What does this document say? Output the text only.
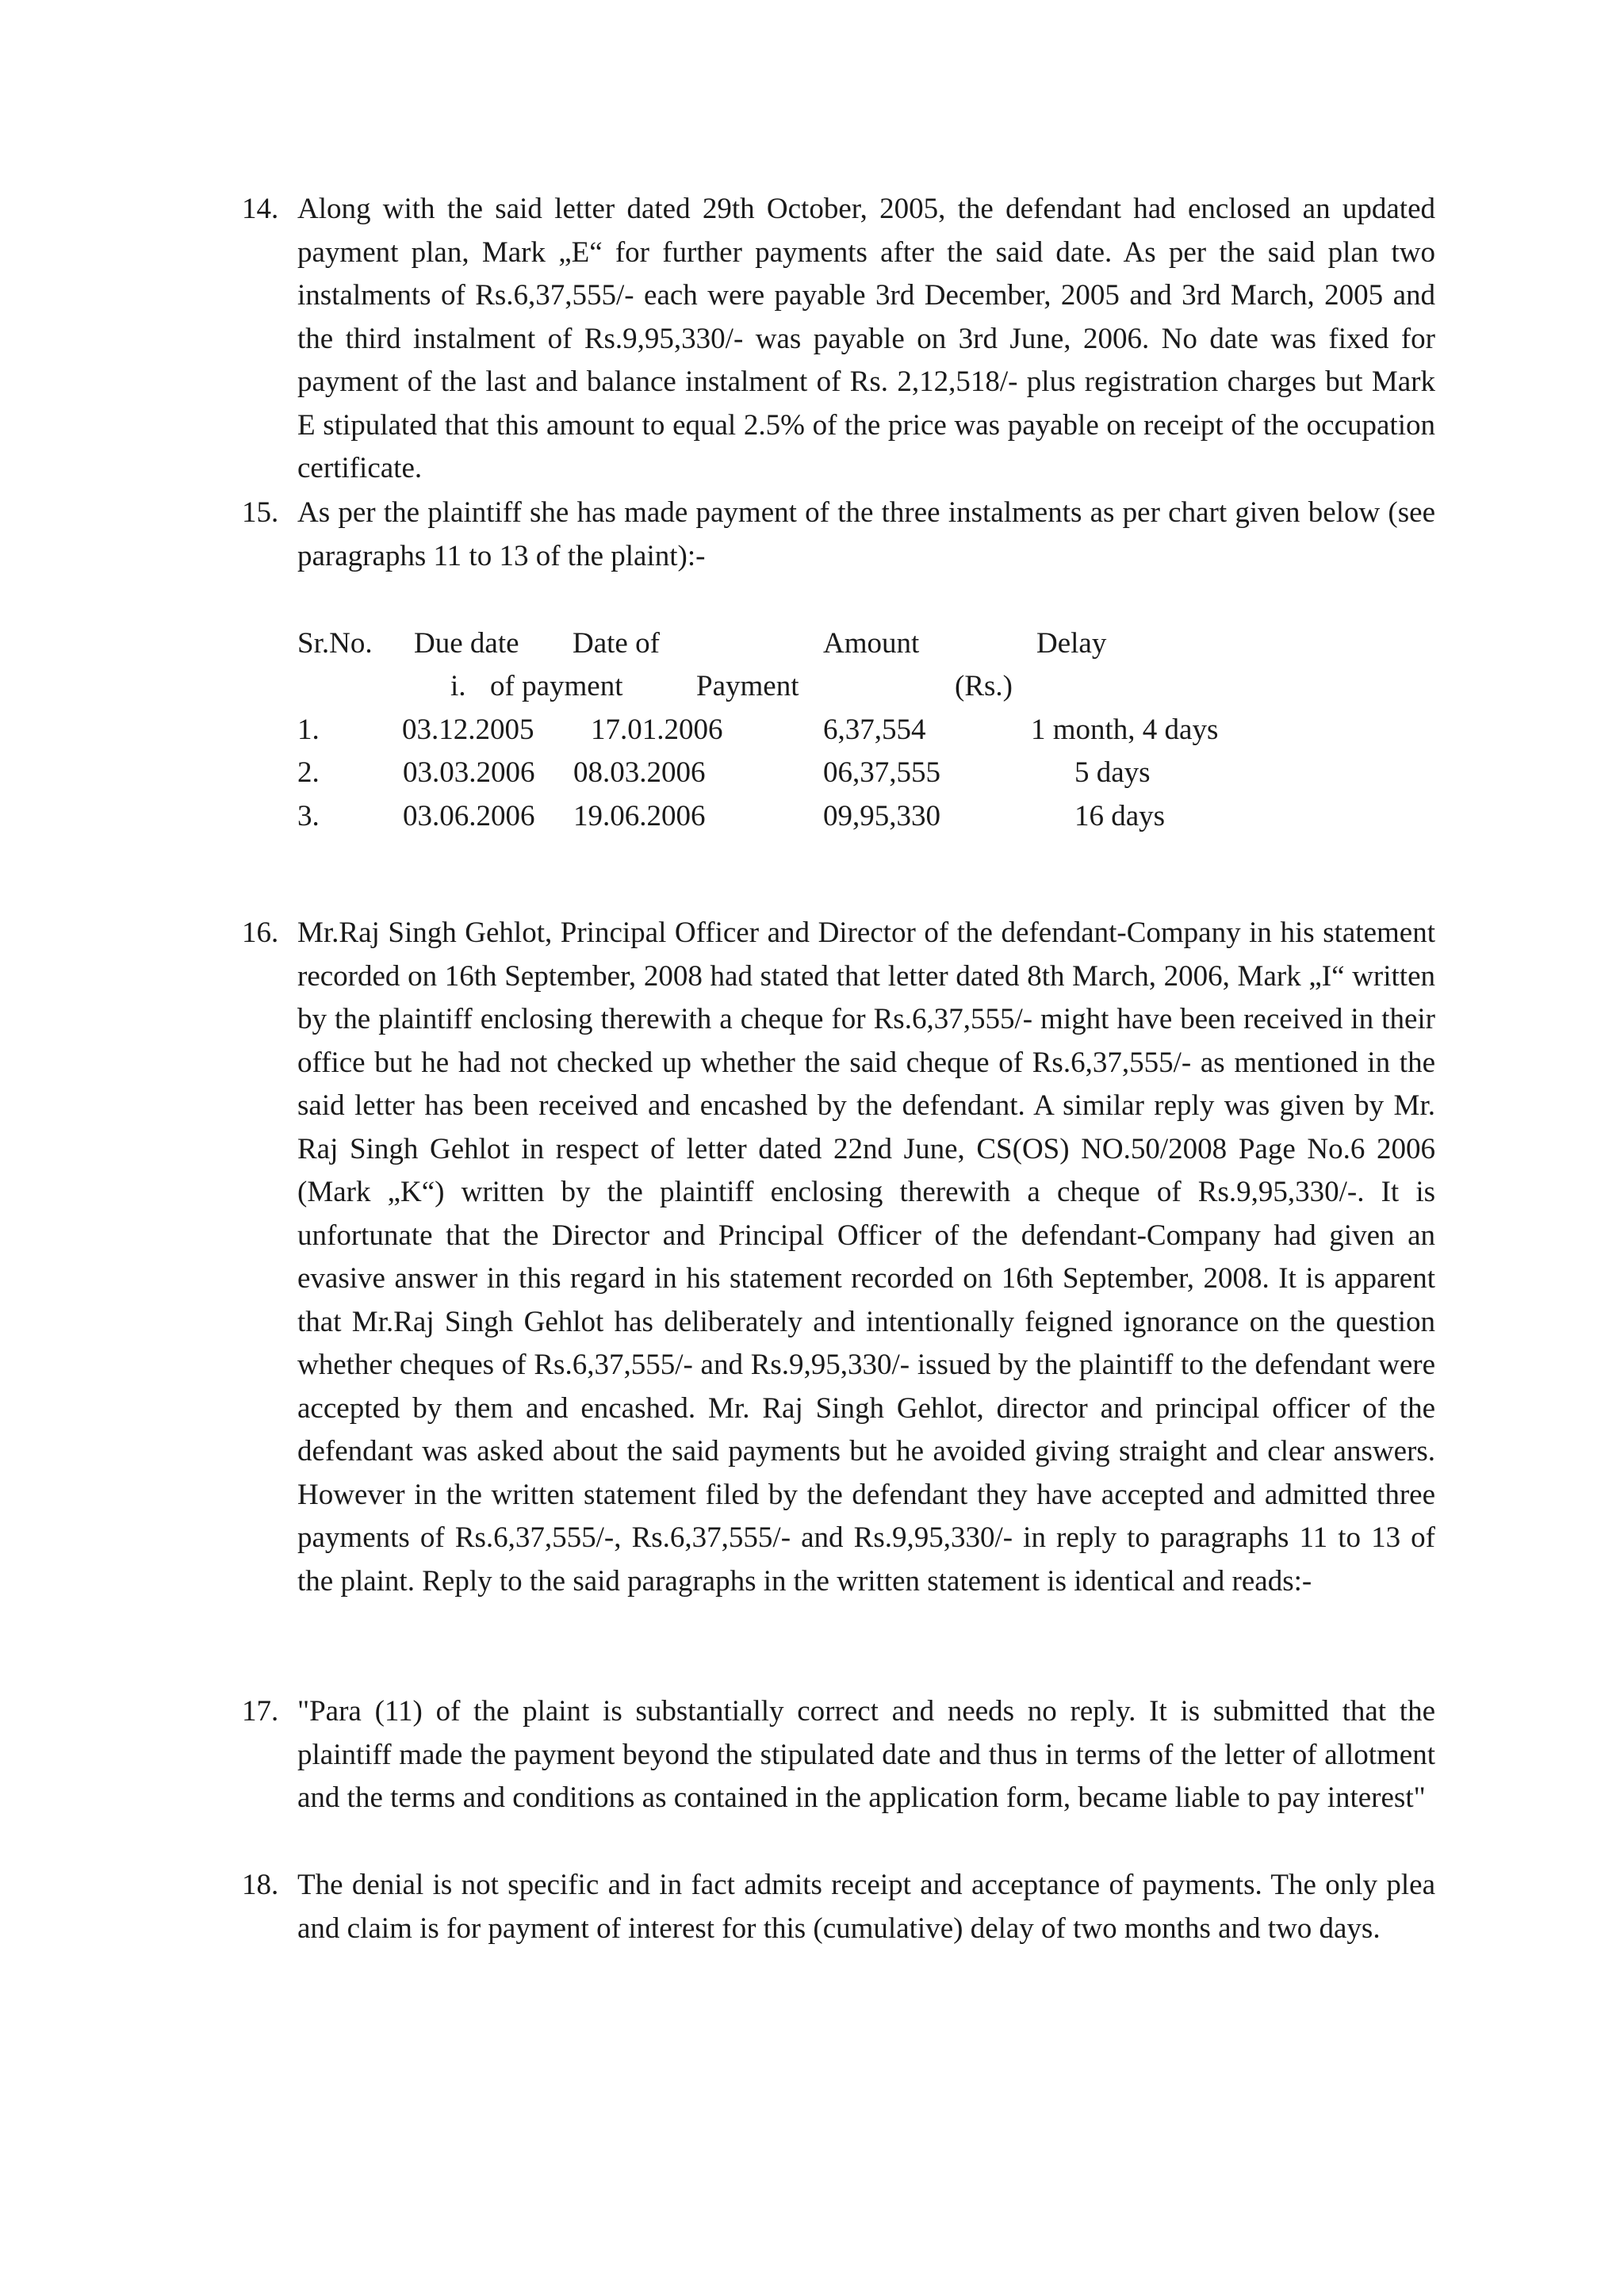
14. Along with the said letter dated 29th October, 2005, the defendant had enclosed an updated payment plan, Mark „E“ for further payments after the said date. As per the said plan two instalments of Rs.6,37,555/- each were payable 3rd December, 2005 and 3rd March, 2005 and the third instalment of Rs.9,95,330/- was payable on 3rd June, 2006. No date was fixed for payment of the last and balance instalment of Rs. 2,12,518/- plus registration charges but Mark E stipulated that this amount to equal 2.5% of the price was payable on receipt of the occupation certificate.
15. As per the plaintiff she has made payment of the three instalments as per chart given below (see paragraphs 11 to 13 of the plaint):-
Sr.No. Due date Date of	Amount	Delay
i. of payment	Payment	(Rs.)
1.	03.12.2005 17.01.2006	6,37,554	1 month, 4 days
2.	03.03.2006 08.03.2006	06,37,555	5 days
3.	03.06.2006 19.06.2006	09,95,330	16 days
16. Mr.Raj Singh Gehlot, Principal Officer and Director of the defendant-Company in his statement recorded on 16th September, 2008 had stated that letter dated 8th March, 2006, Mark „I“ written by the plaintiff enclosing therewith a cheque for Rs.6,37,555/- might have been received in their office but he had not checked up whether the said cheque of Rs.6,37,555/- as mentioned in the said letter has been received and encashed by the defendant. A similar reply was given by Mr. Raj Singh Gehlot in respect of letter dated 22nd June, CS(OS) NO.50/2008 Page No.6 2006 (Mark „K“) written by the plaintiff enclosing therewith a cheque of Rs.9,95,330/-. It is unfortunate that the Director and Principal Officer of the defendant-Company had given an evasive answer in this regard in his statement recorded on 16th September, 2008. It is apparent that Mr.Raj Singh Gehlot has deliberately and intentionally feigned ignorance on the question whether cheques of Rs.6,37,555/- and Rs.9,95,330/- issued by the plaintiff to the defendant were accepted by them and encashed. Mr. Raj Singh Gehlot, director and principal officer of the defendant was asked about the said payments but he avoided giving straight and clear answers. However in the written statement filed by the defendant they have accepted and admitted three payments of Rs.6,37,555/-, Rs.6,37,555/- and Rs.9,95,330/- in reply to paragraphs 11 to 13 of the plaint. Reply to the said paragraphs in the written statement is identical and reads:-
17. "Para (11) of the plaint is substantially correct and needs no reply. It is submitted that the plaintiff made the payment beyond the stipulated date and thus in terms of the letter of allotment and the terms and conditions as contained in the application form, became liable to pay interest"
18. The denial is not specific and in fact admits receipt and acceptance of payments. The only plea and claim is for payment of interest for this (cumulative) delay of two months and two days.
